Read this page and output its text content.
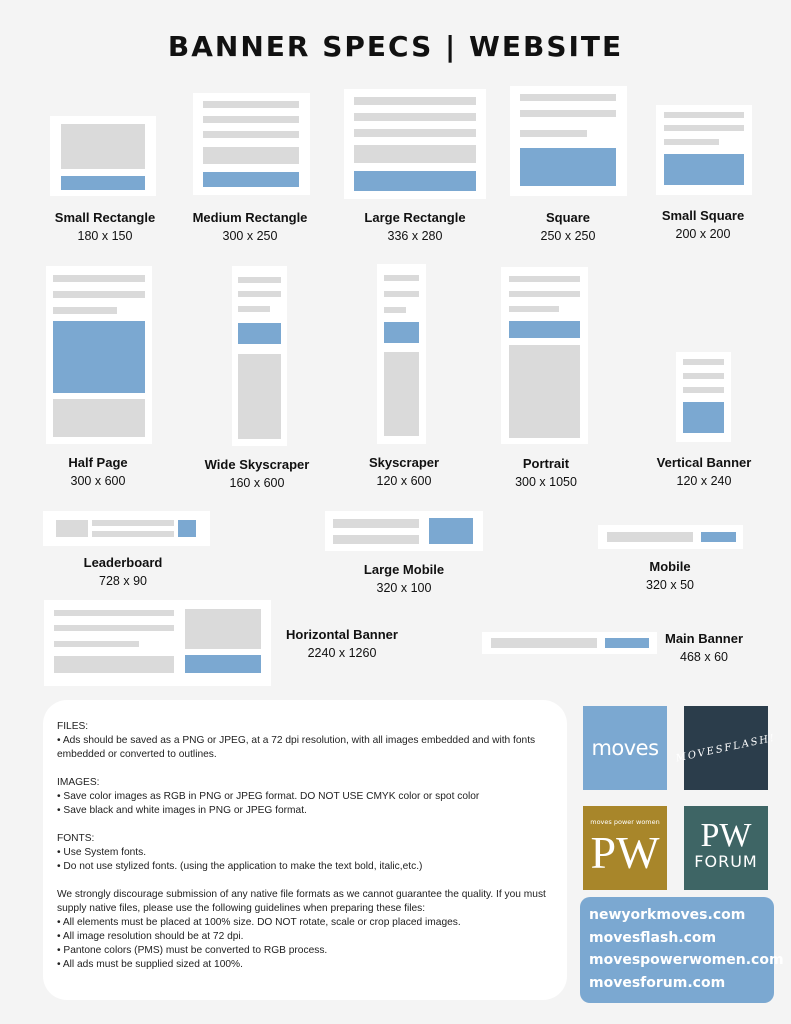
BANNER SPECS | WEBSITE
Small Rectangle
180 x 150
Medium Rectangle
300 x 250
Large Rectangle
336 x 280
Square
250 x 250
Small Square
200 x 200
Half Page
300 x 600
Wide Skyscraper
160 x 600
Skyscraper
120 x 600
Portrait
300 x 1050
Vertical Banner
120 x 240
Leaderboard
728 x 90
Large Mobile
320 x 100
Mobile
320 x 50
Horizontal Banner
2240 x 1260
Main Banner
468 x 60

FILES:

• Ads should be saved as a PNG or JPEG, at a 72 dpi resolution, with all images embedded and with fonts embedded or converted to outlines.

IMAGES:

• Save color images as RGB in PNG or JPEG format. DO NOT USE CMYK color or spot color

• Save black and white images in PNG or JPEG format.

FONTS:

• Use System fonts.

• Do not use stylized fonts. (using the application to make the text bold, italic,etc.)

We strongly discourage submission of any native file formats as we cannot guarantee the quality. If you must supply native files, please use the following guidelines when preparing these files:

• All elements must be placed at 100% size. DO NOT rotate, scale or crop placed images.

• All image resolution should be at 72 dpi.

• Pantone colors (PMS) must be converted to RGB process.

• All ads must be supplied sized at 100%.

moves MOVESFLASH!
moves power women
PW	PW
FORUM
newyorkmoves.com
movesflash.com
movespowerwomen.com
movesforum.com
